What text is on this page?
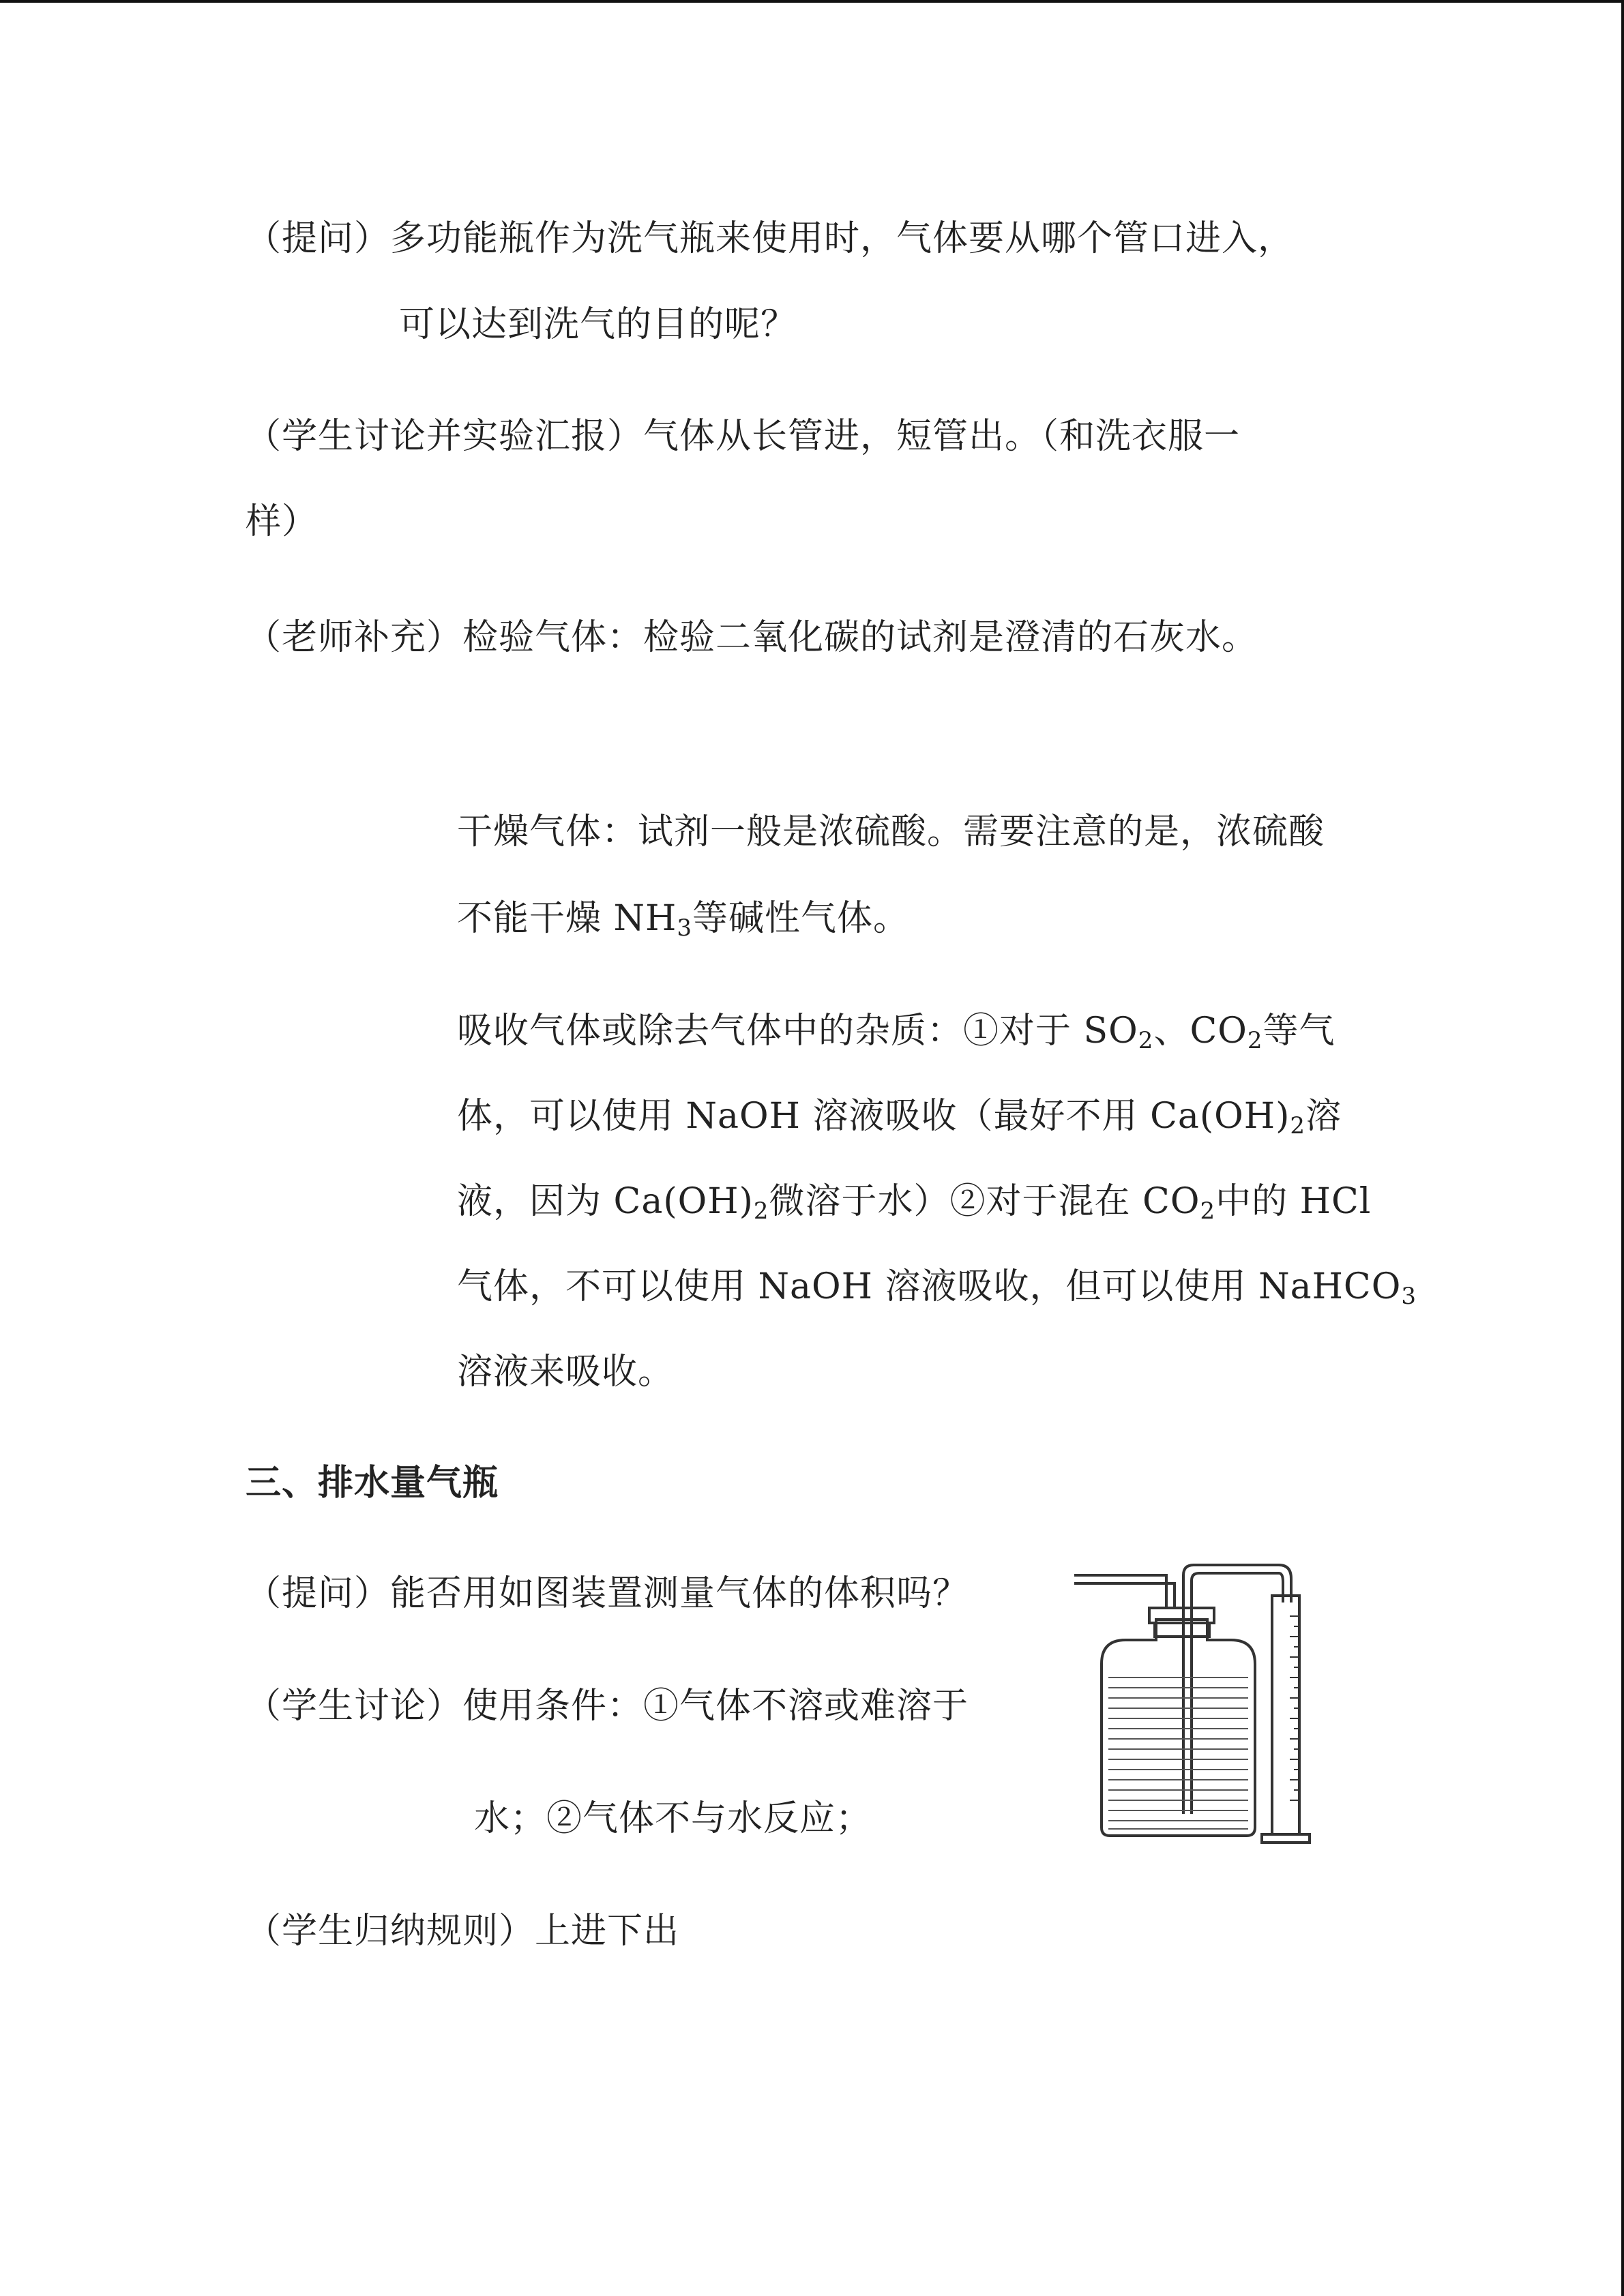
（提问）多功能瓶作为洗气瓶来使用时，气体要从哪个管口进入，
可以达到洗气的目的呢？
（学生讨论并实验汇报）气体从长管进，短管出。（和洗衣服一
样）
（老师补充）检验气体：检验二氧化碳的试剂是澄清的石灰水。
干燥气体：试剂一般是浓硫酸。需要注意的是，浓硫酸
不能干燥 $NH_3$等碱性气体。
吸收气体或除去气体中的杂质：①对于 $SO_2$、$CO_2$等气
体，可以使用 NaOH 溶液吸收（最好不用 $Ca(OH)_2$溶
液，因为 $Ca(OH)_2$微溶于水）②对于混在 $CO_2$中的 HCl
气体，不可以使用 NaOH 溶液吸收，但可以使用 NaHCO$_3$
溶液来吸收。
三、排水量气瓶
（提问）能否用如图装置测量气体的体积吗？
（学生讨论）使用条件：①气体不溶或难溶于
水；②气体不与水反应；
（学生归纳规则）上进下出
